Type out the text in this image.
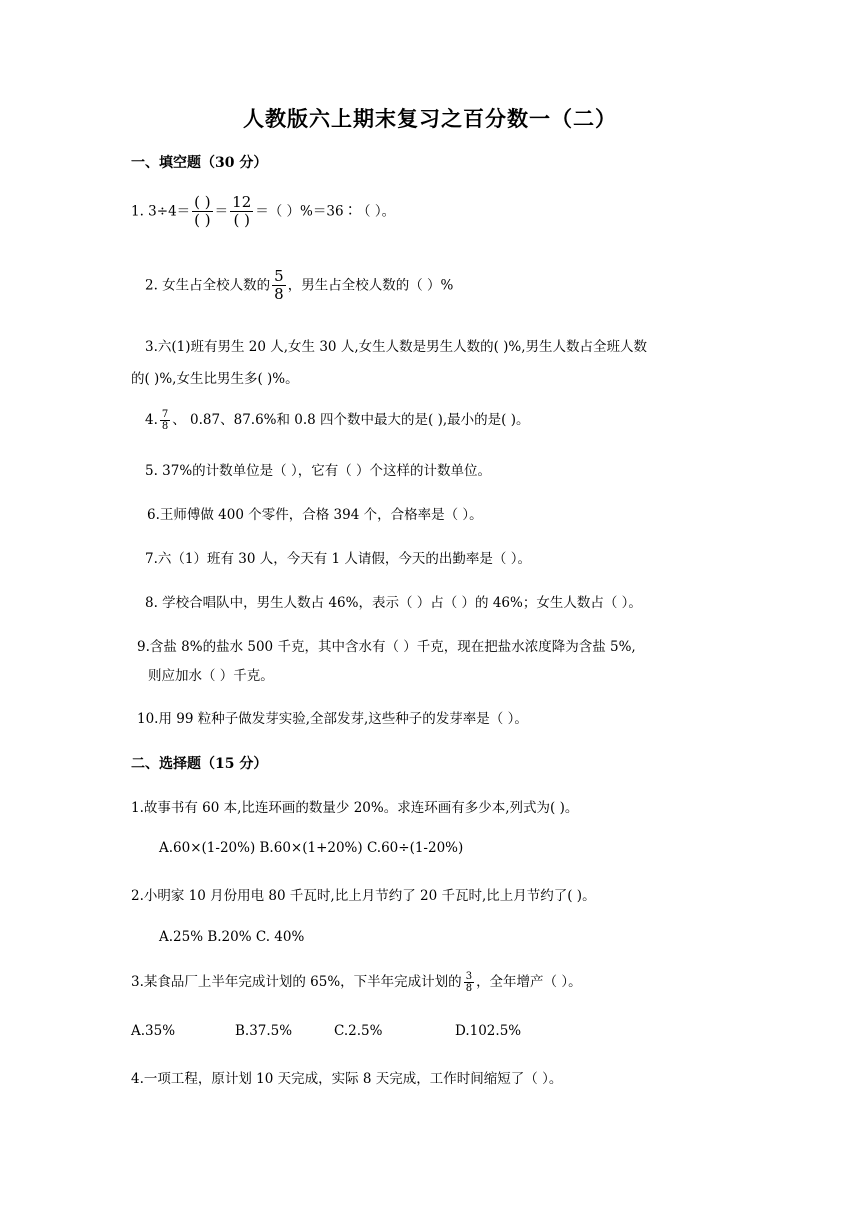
人教版六上期末复习之百分数一（二）
一、填空题（30 分）
1. $3\div 4= \frac{( )}{( )} = \frac{12}{( )}$ ＝（ ）%＝36∶（ ）。
2. 女生占全校人数的 $\frac{5}{8}$ ，男生占全校人数的（ ）%
3.六(1)班有男生 20 人,女生 30 人,女生人数是男生人数的( )%,男生人数占全班人数
的( )%,女生比男生多( )%。
4. $\frac{7}{8}$ 、 0.87、87.6%和 0.8 四个数中最大的是( ),最小的是( )。
5. 37%的计数单位是（ ），它有（ ）个这样的计数单位。
6.王师傅做 400 个零件，合格 394 个，合格率是（ ）。
7.六（1）班有 30 人，今天有 1 人请假，今天的出勤率是（ ）。
8. 学校合唱队中，男生人数占 46%，表示（ ）占（ ）的 46%；女生人数占（ ）。
9.含盐 8%的盐水 500 千克，其中含水有（ ）千克，现在把盐水浓度降为含盐 5%,
则应加水（ ）千克。
10.用 99 粒种子做发芽实验,全部发芽,这些种子的发芽率是（ ）。
二、选择题（15 分）
1.故事书有 60 本,比连环画的数量少 20%。求连环画有多少本,列式为( )。
A.60×(1-20%) B.60×(1+20%) C.60÷(1-20%)
2.小明家 10 月份用电 80 千瓦时,比上月节约了 20 千瓦时,比上月节约了( )。
A.25% B.20% C. 40%
3.某食品厂上半年完成计划的 65%，下半年完成计划的 $\frac{3}{8}$ ，全年增产（ ）。
A.35%	B.37.5%	C.2.5%	D.102.5%
4.一项工程，原计划 10 天完成，实际 8 天完成，工作时间缩短了（ ）。
